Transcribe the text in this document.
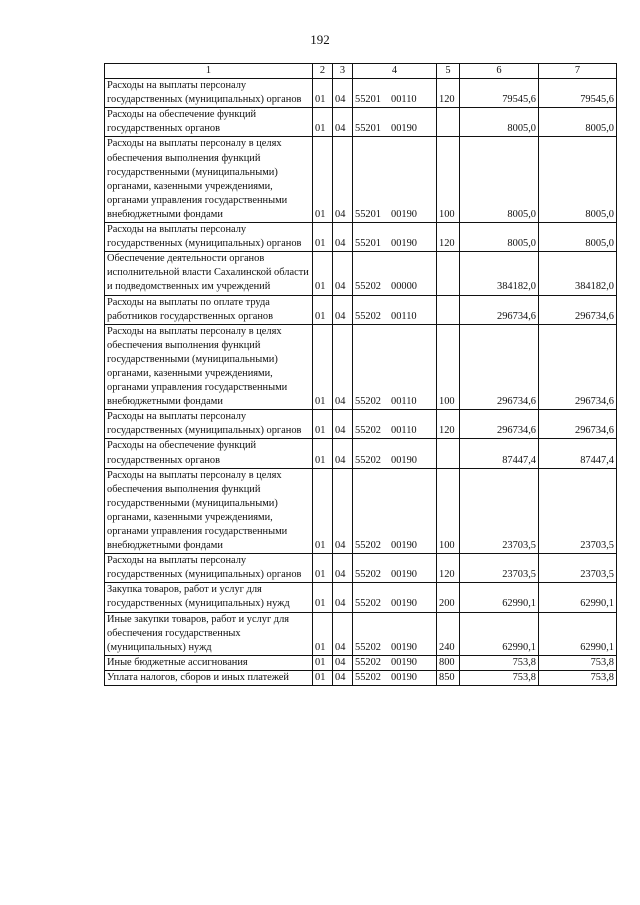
192
1	2	3	4	5	6	7
Расходы на выплаты персоналу государственных (муниципальных) органов	01	04	55201 00110	120	79545,6	79545,6
Расходы на обеспечение функций государственных органов	01	04	55201 00190		8005,0	8005,0
Расходы на выплаты персоналу в целях обеспечения выполнения функций государственными (муниципальными) органами, казенными учреждениями, органами управления государственными внебюджетными фондами	01	04	55201 00190	100	8005,0	8005,0
Расходы на выплаты персоналу государственных (муниципальных) органов	01	04	55201 00190	120	8005,0	8005,0
Обеспечение деятельности органов исполнительной власти Сахалинской области и подведомственных им учреждений	01	04	55202 00000		384182,0	384182,0
Расходы на выплаты по оплате труда работников государственных органов	01	04	55202 00110		296734,6	296734,6
Расходы на выплаты персоналу в целях обеспечения выполнения функций государственными (муниципальными) органами, казенными учреждениями, органами управления государственными внебюджетными фондами	01	04	55202 00110	100	296734,6	296734,6
Расходы на выплаты персоналу государственных (муниципальных) органов	01	04	55202 00110	120	296734,6	296734,6
Расходы на обеспечение функций государственных органов	01	04	55202 00190		87447,4	87447,4
Расходы на выплаты персоналу в целях обеспечения выполнения функций государственными (муниципальными) органами, казенными учреждениями, органами управления государственными внебюджетными фондами	01	04	55202 00190	100	23703,5	23703,5
Расходы на выплаты персоналу государственных (муниципальных) органов	01	04	55202 00190	120	23703,5	23703,5
Закупка товаров, работ и услуг для государственных (муниципальных) нужд	01	04	55202 00190	200	62990,1	62990,1
Иные закупки товаров, работ и услуг для обеспечения государственных (муниципальных) нужд	01	04	55202 00190	240	62990,1	62990,1
Иные бюджетные ассигнования	01	04	55202 00190	800	753,8	753,8
Уплата налогов, сборов и иных платежей	01	04	55202 00190	850	753,8	753,8
